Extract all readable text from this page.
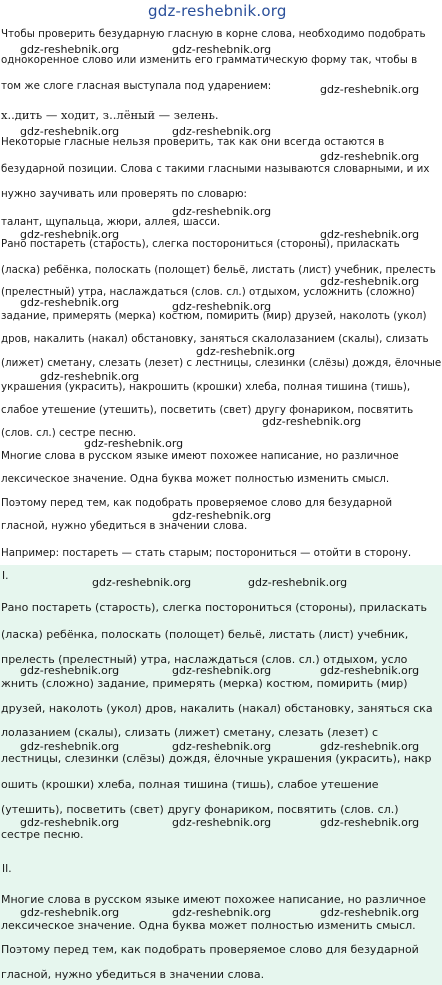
gdz-reshebnik.org
Чтобы проверить безударную гласную в корне слова, необходимо подобрать
однокоренное слово или изменить его грамматическую форму так, чтобы в
том же слоге гласная выступала под ударением:
х..дить — ходит, з..лёный — зелень.
Некоторые гласные нельзя проверить, так как они всегда остаются в
безударной позиции. Слова с такими гласными называются словарными, и их
нужно заучивать или проверять по словарю:
талант, щупальца, жюри, аллея, шасси.
Рано постареть (старость), слегка посторониться (стороны), приласкать
(ласка) ребёнка, полоскать (полощет) бельё, листать (лист) учебник, прелесть
(прелестный) утра, наслаждаться (слов. сл.) отдыхом, усложнить (сложно)
задание, примерять (мерка) костюм, помирить (мир) друзей, наколоть (укол)
дров, накалить (накал) обстановку, заняться скалолазанием (скалы), слизать
(лижет) сметану, слезать (лезет) с лестницы, слезинки (слёзы) дождя, ёлочные
украшения (украсить), накрошить (крошки) хлеба, полная тишина (тишь),
слабое утешение (утешить), посветить (свет) другу фонариком, посвятить
(слов. сл.) сестре песню.
Многие слова в русском языке имеют похожее написание, но различное
лексическое значение. Одна буква может полностью изменить смысл.
Поэтому перед тем, как подобрать проверяемое слово для безударной
гласной, нужно убедиться в значении слова.
Например: постареть — стать старым; посторониться — отойти в сторону.
I.
Рано постареть (старость), слегка посторониться (стороны), приласкать
(ласка) ребёнка, полоскать (полощет) бельё, листать (лист) учебник,
прелесть (прелестный) утра, наслаждаться (слов. сл.) отдыхом, усло
жнить (сложно) задание, примерять (мерка) костюм, помирить (мир)
друзей, наколоть (укол) дров, накалить (накал) обстановку, заняться ска
лолазанием (скалы), слизать (лижет) сметану, слезать (лезет) с
лестницы, слезинки (слёзы) дождя, ёлочные украшения (украсить), накр
ошить (крошки) хлеба, полная тишина (тишь), слабое утешение
(утешить), посветить (свет) другу фонариком, посвятить (слов. сл.)
сестре песню.
II.
Многие слова в русском языке имеют похожее написание, но различное
лексическое значение. Одна буква может полностью изменить смысл.
Поэтому перед тем, как подобрать проверяемое слово для безударной
гласной, нужно убедиться в значении слова.
gdz-reshebnik.org	gdz-reshebnik.org
gdz-reshebnik.org
gdz-reshebnik.org	gdz-reshebnik.org
gdz-reshebnik.org
gdz-reshebnik.org
gdz-reshebnik.org	gdz-reshebnik.org
gdz-reshebnik.org
gdz-reshebnik.org	gdz-reshebnik.org
gdz-reshebnik.org
gdz-reshebnik.org
gdz-reshebnik.org
gdz-reshebnik.org
gdz-reshebnik.org
gdz-reshebnik.org	gdz-reshebnik.org
gdz-reshebnik.org	gdz-reshebnik.org	gdz-reshebnik.org
gdz-reshebnik.org	gdz-reshebnik.org	gdz-reshebnik.org
gdz-reshebnik.org	gdz-reshebnik.org	gdz-reshebnik.org
gdz-reshebnik.org	gdz-reshebnik.org	gdz-reshebnik.org
